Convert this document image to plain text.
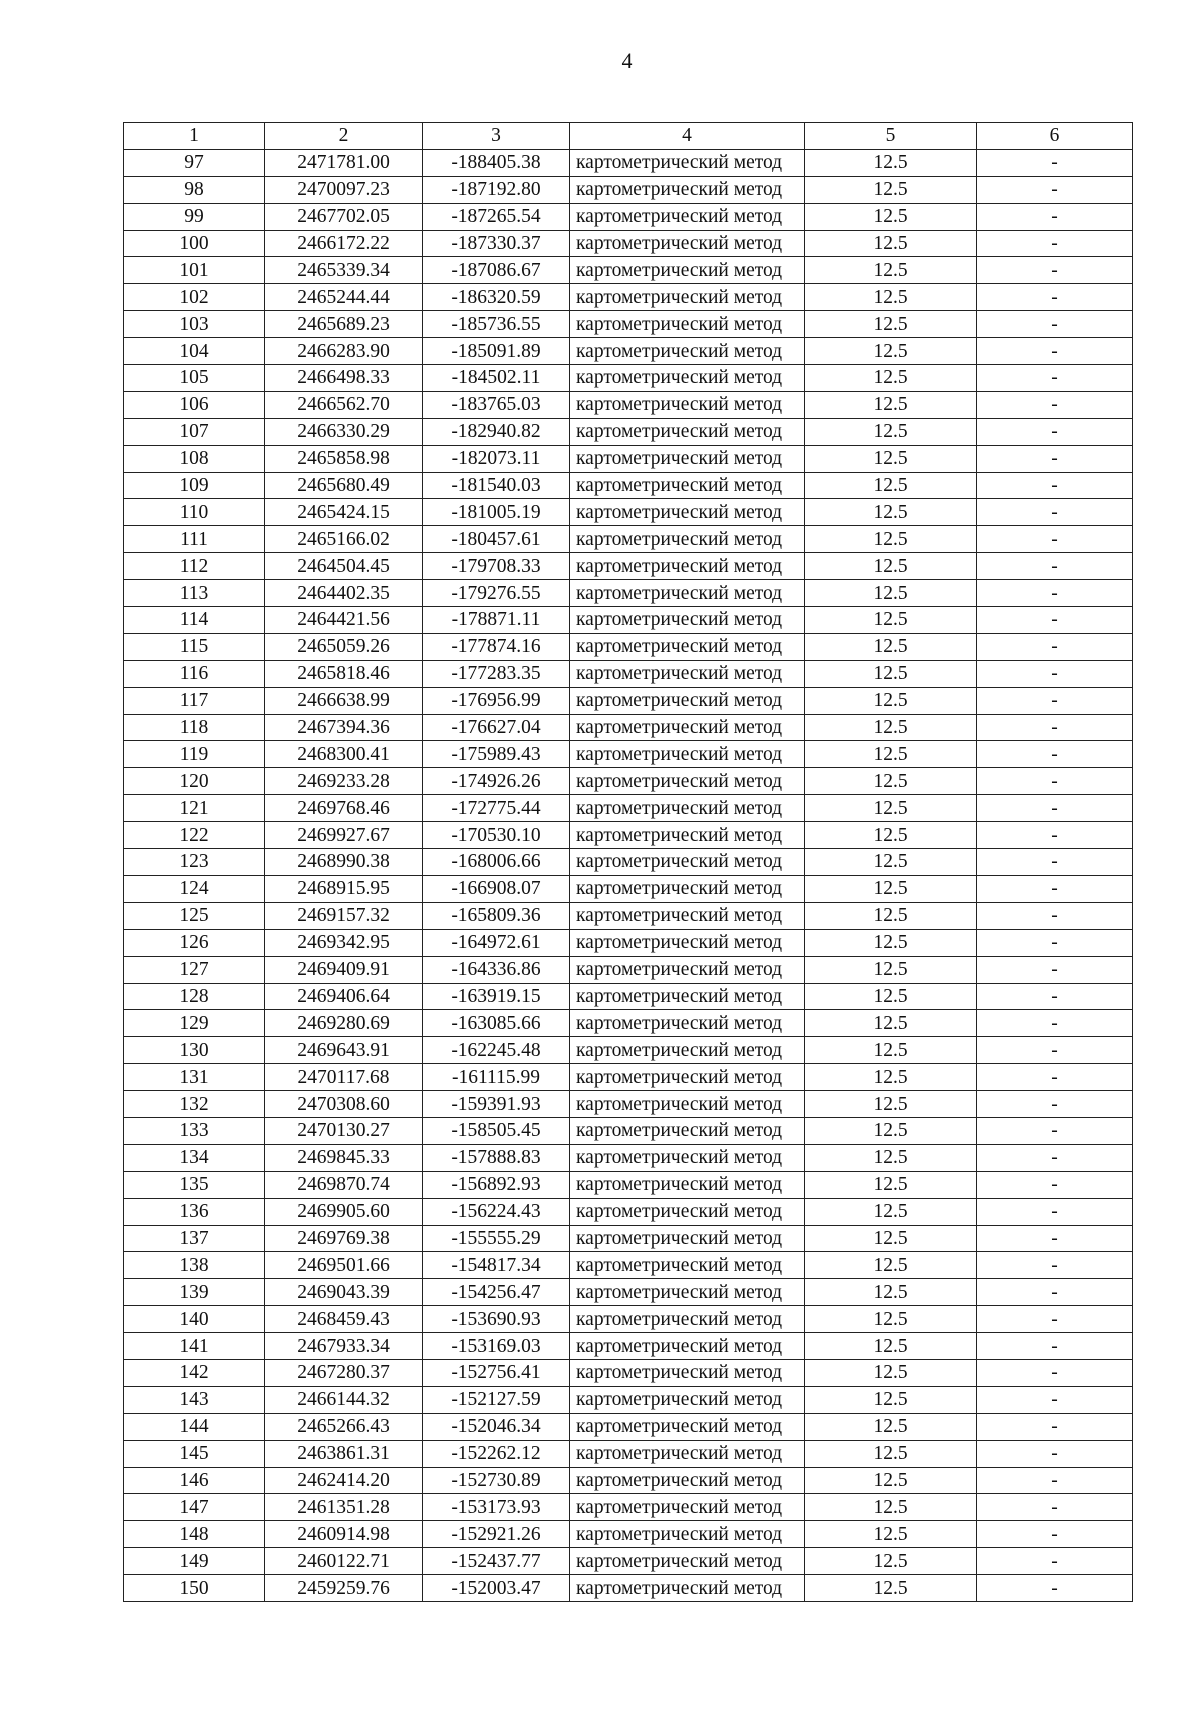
4
1	2	3	4	5	6
97	2471781.00	-188405.38	картометрический метод	12.5	-
98	2470097.23	-187192.80	картометрический метод	12.5	-
99	2467702.05	-187265.54	картометрический метод	12.5	-
100	2466172.22	-187330.37	картометрический метод	12.5	-
101	2465339.34	-187086.67	картометрический метод	12.5	-
102	2465244.44	-186320.59	картометрический метод	12.5	-
103	2465689.23	-185736.55	картометрический метод	12.5	-
104	2466283.90	-185091.89	картометрический метод	12.5	-
105	2466498.33	-184502.11	картометрический метод	12.5	-
106	2466562.70	-183765.03	картометрический метод	12.5	-
107	2466330.29	-182940.82	картометрический метод	12.5	-
108	2465858.98	-182073.11	картометрический метод	12.5	-
109	2465680.49	-181540.03	картометрический метод	12.5	-
110	2465424.15	-181005.19	картометрический метод	12.5	-
111	2465166.02	-180457.61	картометрический метод	12.5	-
112	2464504.45	-179708.33	картометрический метод	12.5	-
113	2464402.35	-179276.55	картометрический метод	12.5	-
114	2464421.56	-178871.11	картометрический метод	12.5	-
115	2465059.26	-177874.16	картометрический метод	12.5	-
116	2465818.46	-177283.35	картометрический метод	12.5	-
117	2466638.99	-176956.99	картометрический метод	12.5	-
118	2467394.36	-176627.04	картометрический метод	12.5	-
119	2468300.41	-175989.43	картометрический метод	12.5	-
120	2469233.28	-174926.26	картометрический метод	12.5	-
121	2469768.46	-172775.44	картометрический метод	12.5	-
122	2469927.67	-170530.10	картометрический метод	12.5	-
123	2468990.38	-168006.66	картометрический метод	12.5	-
124	2468915.95	-166908.07	картометрический метод	12.5	-
125	2469157.32	-165809.36	картометрический метод	12.5	-
126	2469342.95	-164972.61	картометрический метод	12.5	-
127	2469409.91	-164336.86	картометрический метод	12.5	-
128	2469406.64	-163919.15	картометрический метод	12.5	-
129	2469280.69	-163085.66	картометрический метод	12.5	-
130	2469643.91	-162245.48	картометрический метод	12.5	-
131	2470117.68	-161115.99	картометрический метод	12.5	-
132	2470308.60	-159391.93	картометрический метод	12.5	-
133	2470130.27	-158505.45	картометрический метод	12.5	-
134	2469845.33	-157888.83	картометрический метод	12.5	-
135	2469870.74	-156892.93	картометрический метод	12.5	-
136	2469905.60	-156224.43	картометрический метод	12.5	-
137	2469769.38	-155555.29	картометрический метод	12.5	-
138	2469501.66	-154817.34	картометрический метод	12.5	-
139	2469043.39	-154256.47	картометрический метод	12.5	-
140	2468459.43	-153690.93	картометрический метод	12.5	-
141	2467933.34	-153169.03	картометрический метод	12.5	-
142	2467280.37	-152756.41	картометрический метод	12.5	-
143	2466144.32	-152127.59	картометрический метод	12.5	-
144	2465266.43	-152046.34	картометрический метод	12.5	-
145	2463861.31	-152262.12	картометрический метод	12.5	-
146	2462414.20	-152730.89	картометрический метод	12.5	-
147	2461351.28	-153173.93	картометрический метод	12.5	-
148	2460914.98	-152921.26	картометрический метод	12.5	-
149	2460122.71	-152437.77	картометрический метод	12.5	-
150	2459259.76	-152003.47	картометрический метод	12.5	-
